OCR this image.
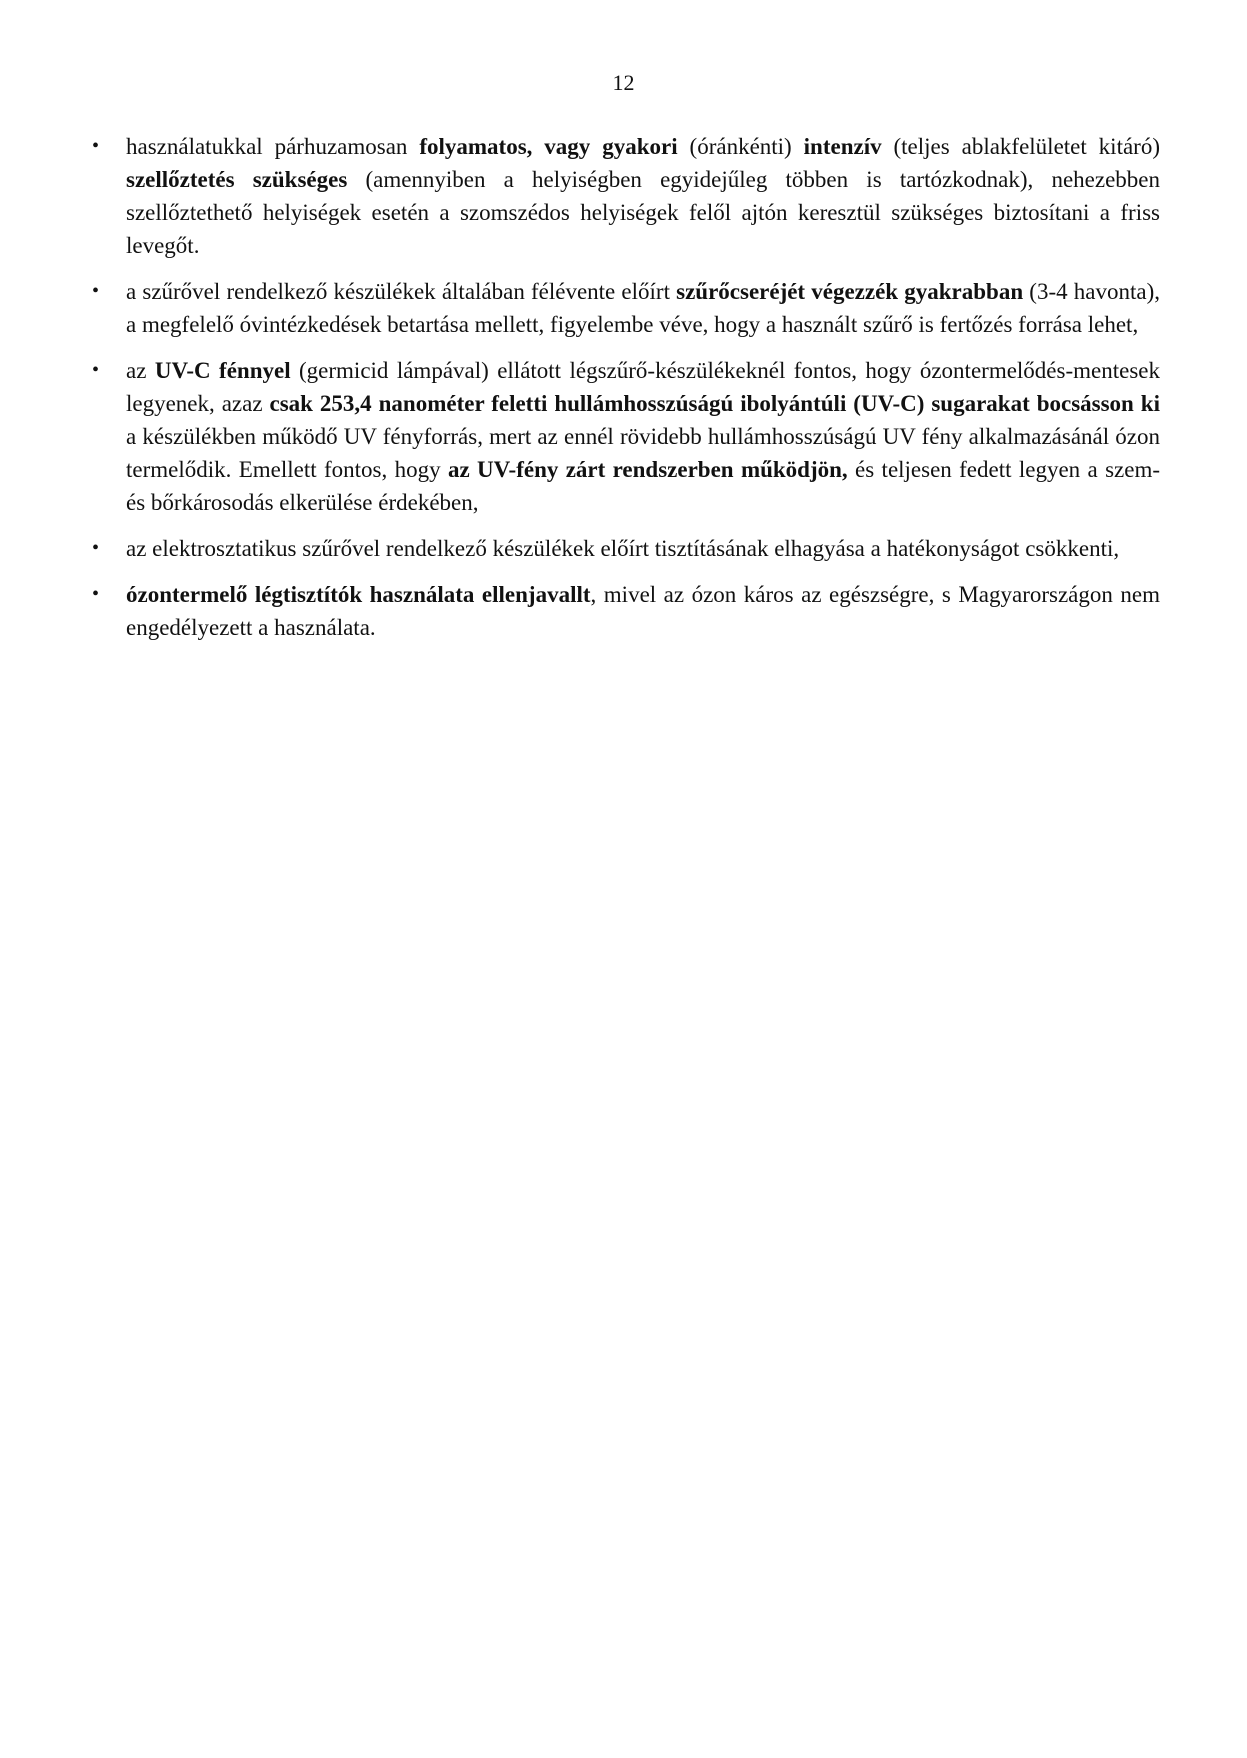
12
• használatukkal párhuzamosan folyamatos, vagy gyakori (óránkénti) intenzív (teljes ablakfelületet kitáró) szellőztetés szükséges (amennyiben a helyiségben egyidejűleg többen is tartózkodnak), nehezebben szellőztethető helyiségek esetén a szomszédos helyiségek felől ajtón keresztül szükséges biztosítani a friss levegőt.
• a szűrővel rendelkező készülékek általában félévente előírt szűrőcseréjét végezzék gyakrabban (3-4 havonta), a megfelelő óvintézkedések betartása mellett, figyelembe véve, hogy a használt szűrő is fertőzés forrása lehet,
• az UV-C fénnyel (germicid lámpával) ellátott légszűrő-készülékeknél fontos, hogy ózontermelődés-mentesek legyenek, azaz csak 253,4 nanométer feletti hullámhosszúságú ibolyántúli (UV-C) sugarakat bocsásson ki a készülékben működő UV fényforrás, mert az ennél rövidebb hullámhosszúságú UV fény alkalmazásánál ózon termelődik. Emellett fontos, hogy az UV-fény zárt rendszerben működjön, és teljesen fedett legyen a szem- és bőrkárosodás elkerülése érdekében,
• az elektrosztatikus szűrővel rendelkező készülékek előírt tisztításának elhagyása a hatékonyságot csökkenti,
• ózontermelő légtisztítók használata ellenjavallt, mivel az ózon káros az egészségre, s Magyarországon nem engedélyezett a használata.
